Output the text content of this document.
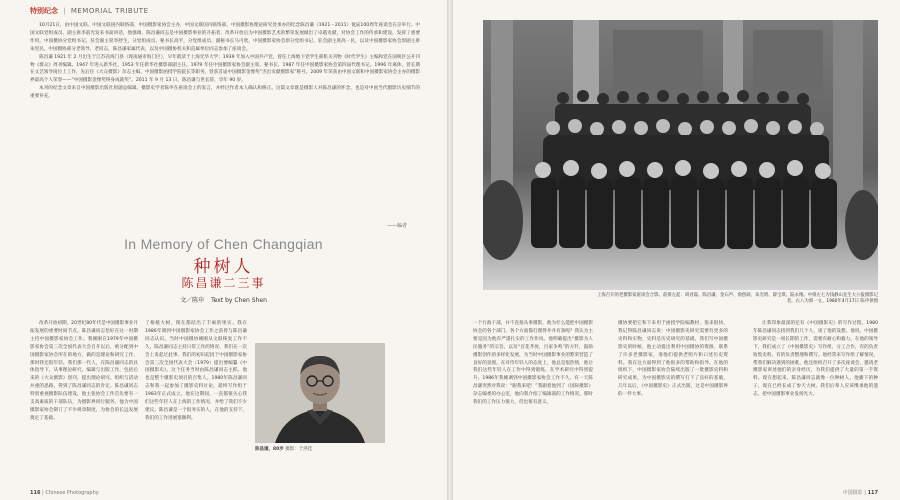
特别纪念 | MEMORIAL TRIBUTE

10月21日，由中国文联、中国文联国内联络部、中国摄影家协会主办，中国文联国内联络部、中国摄影协理论研究处承办的纪念陈昌谦（1921－2011）诞辰100周年座谈会在京举行。中国文联党组成员、副主席李前光发来书面讲话，他强调，陈昌谦同志是中国摄影事业的开拓者，改革开放后为中国摄影艺术的繁荣发展做出了卓越贡献，对协会工作的传承和建设，发挥了重要作用。中国摄协分党组书记、驻会副主席李舒生，分党组成员、秘书长高平，分党组成员、副秘书长马可欣，中国摄影家协会原分党组书记、驻会副主席高一民，以及中国摄影家协会原副主席朱宪民，中国摄协部分老领导、老同志，陈昌谦家属代表，以及中国摄协机关和直属单位同志参加了座谈会。

陈昌谦 1921 年 2 月出生于江苏省海门县（现南通市海门区），早年就读于上海光华大学；1939 年加入中国共产党，曾任上海地下党学生部机关刊物《时代学生》主编和党在国统区公开刊物《群众》周刊编辑。1947 年进入新华社，1953 年任新华社摄影部副主任。1979 年任中国摄影家协会副主席、秘书长，1987 年任中国摄影家协会第四届代理书记。1996 年离休。曾长期在文艺领导岗位上工作，先后任《大众摄影》杂志主编、中国摄影函授学院院长等职务。曾获首届中国摄影金像奖“杰出贡献摄影家”称号。2009 年荣获由中国文联和中国摄影家协会主办的摄影界最高个人荣誉——“中国摄影金像奖终身成就奖”。2011 年 9 月 13 日，陈昌谦与世长辞，享年 90 岁。

本刊的纪念文章来自中国摄影出版社原副总编辑、摄影史学者陈申在座谈会上的发言，并经过作者本人确认和修正。这篇文章既是摄影人对陈昌谦的怀念，也是对中国当代摄影历史细节的重要补充。

——编者
In Memory of Chen Changqian
种树人
陈昌谦二三事
文／陈申 Text by Chen Shen

改革开放初期，20世纪80年代是中国摄影事业开拓发展的重要时间节点。陈昌谦同志恰好在这一时期主持中国摄影家协会工作。我刚刚在1979年中国摄影家协会第三次全国代表大会召开以后，被分配到中国摄影家协会所在的地方，做的是理论和研究工作，那时我还很年轻。我们那一代人，在陈昌谦同志的具体指导下，从事理论研究、编辑与出版工作，包括后来的《大众摄影》创刊，提出理论研究、组织与活动并重的思路，得到了陈昌谦同志的肯定。陈昌谦同志特别重视摄影队伍建设，他主张协会工作首先要有一支高素质的干部队伍，为摄影界同行服务。他为中国摄影家协会制订了不少规章制度，为协会的长远发展奠定了基础。

了根植大树，现在都结出了丰硕的果实。我在1986年调到中国摄影家协会工作之前曾与陈昌谦同志认识。当时中国摄协刚刚从文联恢复工作不久，陈昌谦同志主持日常工作的情况，我们在一次会上说起过此事。我们的初识起因于中国摄影家协会第三次全国代表大会（1979）提出要编纂《中国摄影史》。这个任务当时由陈昌谦同志主抓。他也是整个摄影史项目的召集人。1980年陈昌谦同志和我一起参加了摄影史料讨论，最终写作组于1983年正式成立。他在这期间，一直都很关心我们这些年轻人在上海的工作情况，并给了我们不少建议。陈昌谦是一个很务实的人，在他的支持下，我们的工作进展很顺利。

陈昌谦，80岁 摄影：于洪佳
116 | Chinese Photography
上海召开的老摄影家座谈会合影。前排左起：胡君磊、陈昌谦、金石声、俞创硕、朱光明、薛宝琪、陆永椿。中排左七为钱静山先生大公报摄影记者。右八为郭一文。1980年4月17日 陈申供图

一个行政干部，并不直接从事摄影，他为什么能把中国摄影协会的各个部门、各个方面都打理得井井有条呢？我认为主要是因为他有严谨扎实的工作作风。他明确提出“摄影为人民服务”的宗旨，以及“百花齐放，百家争鸣”的方针，鼓励摄影创作的多样化发展，为当时中国摄影事业的繁荣营造了良好的氛围。在对待年轻人的态度上，他总是很热情，他让我们这些年轻人在工作中得到锻炼，在学术研究中得到提升。1986年我刚调到中国摄影家协会工作不久，有一天陈昌谦突然对我说：“跟我来吧！”我跟着他到了《国际摄影》杂志编委的办公室，他向我介绍了编辑部的工作情况。那时我们的工作压力很大，但也很有意义。

摄协要把它和下来用于函授学院编教材，很来很快。我记得陈昌谦同志说：中国摄影史研究需要有更多的史料和实物，史料是历史研究的基础。我们写中国摄影史的时候，他主动提出利用中国摄协的资源，联系了许多老摄影家，请他们提供老照片和口述历史资料。我在这方面得到了他很多的帮助和指导。在他的组织下，中国摄影家协会陆续出版了一批摄影史料和研究成果，为中国摄影史的撰写打下了良好的基础。几年以后，《中国摄影史》正式出版，这是中国摄影界的一件大事。

让我印象最深的还有《中国摄影史》的写作过程。1980年陈昌谦同志找到我们几个人，谈了他的设想。他说，中国摄影史研究是一项长期的工作，需要有耐心和毅力。在他的领导下，我们成立了《中国摄影史》写作组，分工合作，有的负责收集史料，有的负责整理和撰写。他经常来写作组了解情况，帮我们解决遇到的困难。他还组织召开了多次座谈会，邀请老摄影家讲述他们的亲身经历，为我们提供了大量的第一手资料。现在想起来，陈昌谦同志就像一位种树人，他播下的种子，现在已经长成了参天大树。我们后辈人应该继承他的遗志，把中国摄影事业发扬光大。

中国摄影 | 117
